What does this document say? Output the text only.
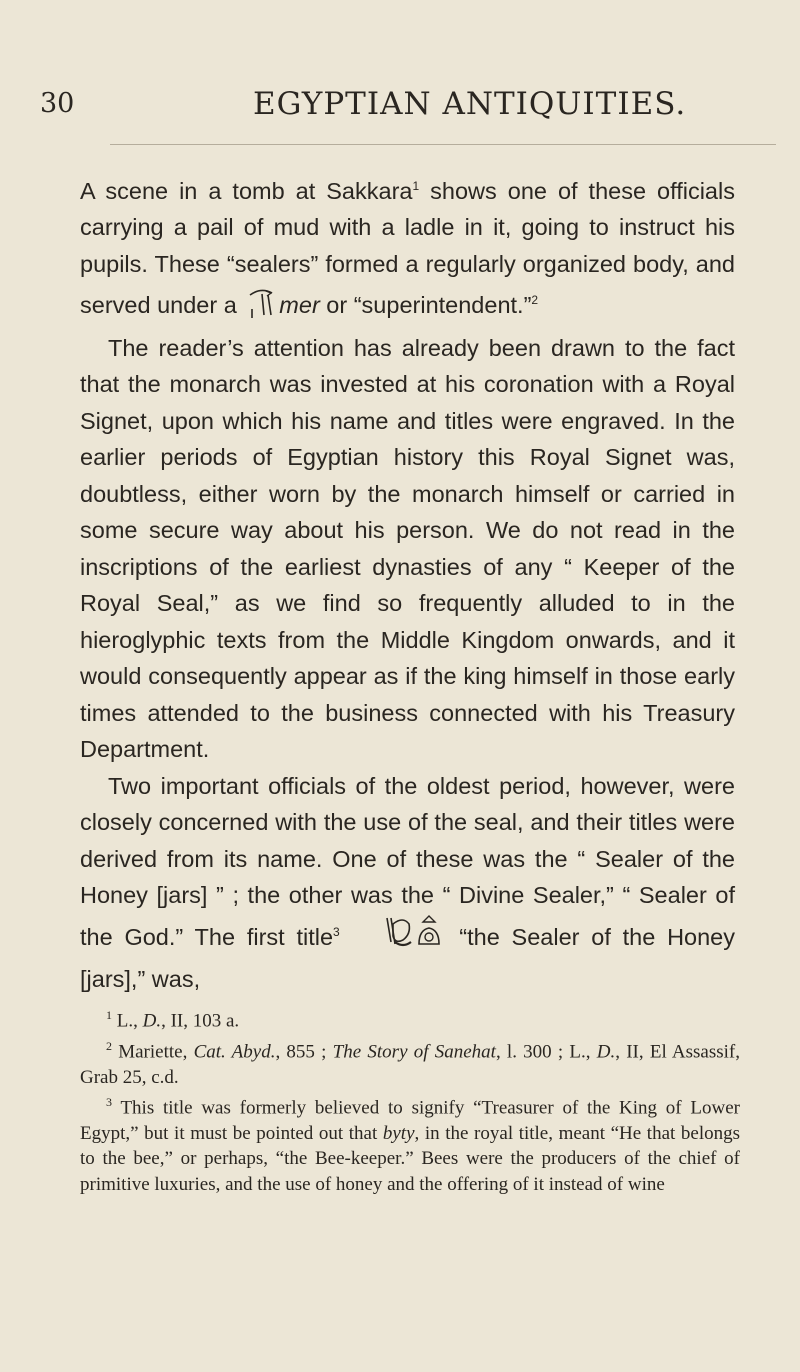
30	EGYPTIAN ANTIQUITIES.

A scene in a tomb at Sakkara$^1$ shows one of these officials carrying a pail of mud with a ladle in it, going to instruct his pupils. These “sealers” formed a regularly organized body, and served under a mer or “superintendent.”$^2$

The reader’s attention has already been drawn to the fact that the monarch was invested at his coronation with a Royal Signet, upon which his name and titles were engraved. In the earlier periods of Egyptian history this Royal Signet was, doubtless, either worn by the monarch himself or carried in some secure way about his person. We do not read in the inscriptions of the earliest dynasties of any “ Keeper of the Royal Seal,” as we find so frequently alluded to in the hieroglyphic texts from the Middle Kingdom onwards, and it would consequently appear as if the king himself in those early times attended to the business connected with his Treasury Department.

Two important officials of the oldest period, however, were closely concerned with the use of the seal, and their titles were derived from its name. One of these was the “ Sealer of the Honey [jars] ” ; the other was the “ Divine Sealer,” “ Sealer of the God.” The first title$^3$	“the Sealer of the Honey [jars],” was,

$^1$ L., D., II, 103 a.

$^2$ Mariette, Cat. Abyd., 855 ; The Story of Sanehat, l. 300 ; L., D., II, El Assassif, Grab 25, c.d.

$^3$ This title was formerly believed to signify “Treasurer of the King of Lower Egypt,” but it must be pointed out that byty, in the royal title, meant “He that belongs to the bee,” or perhaps, “the Bee-keeper.” Bees were the producers of the chief of primitive luxuries, and the use of honey and the offering of it instead of wine
